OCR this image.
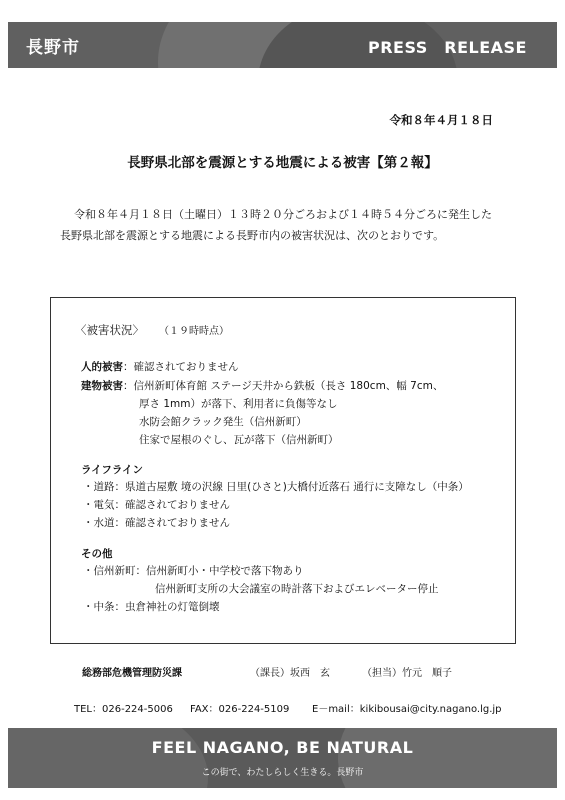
長野市	PRESS　RELEASE
令和８年４月１８日
長野県北部を震源とする地震による被害【第２報】

令和８年４月１８日（土曜日）１３時２０分ごろおよび１４時５４分ごろに発生した

長野県北部を震源とする地震による長野市内の被害状況は、次のとおりです。

〈被害状況〉 （１９時時点）
人的被害：確認されておりません
建物被害：信州新町体育館 ステージ天井から鉄板（長さ 180cm、幅 7cm、
厚さ 1mm）が落下、利用者に負傷等なし
水防会館クラック発生（信州新町）
住家で屋根のぐし、瓦が落下（信州新町）
ライフライン
・道路：県道古屋敷 境の沢線 日里(ひさと)大橋付近落石 通行に支障なし（中条）
・電気：確認されておりません
・水道：確認されておりません
その他
・信州新町：信州新町小・中学校で落下物あり
信州新町支所の大会議室の時計落下およびエレベーター停止
・中条：虫倉神社の灯篭倒壊
総務部危機管理防災課	（課長）坂西　玄	（担当）竹元　順子
TEL：026-224-5006 FAX：026-224-5109 E－mail：kikibousai@city.nagano.lg.jp
FEEL NAGANO, BE NATURAL
この街で、わたしらしく生きる。長野市
